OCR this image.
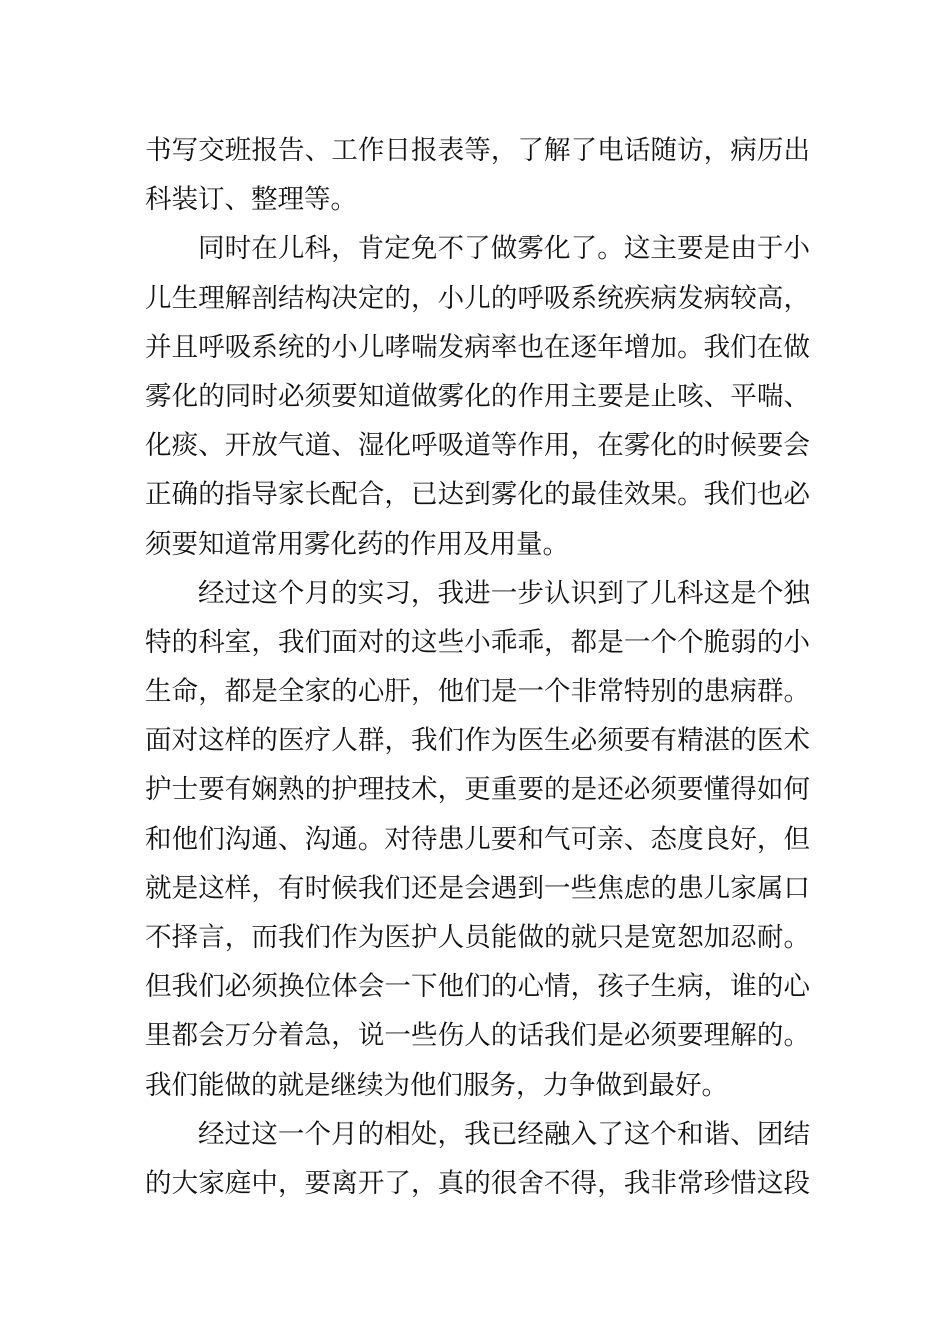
书写交班报告、工作日报表等，了解了电话随访，病历出
科装订、整理等。
同时在儿科，肯定免不了做雾化了。这主要是由于小
儿生理解剖结构决定的，小儿的呼吸系统疾病发病较高，
并且呼吸系统的小儿哮喘发病率也在逐年增加。我们在做
雾化的同时必须要知道做雾化的作用主要是止咳、平喘、
化痰、开放气道、湿化呼吸道等作用，在雾化的时候要会
正确的指导家长配合，已达到雾化的最佳效果。我们也必
须要知道常用雾化药的作用及用量。
经过这个月的实习，我进一步认识到了儿科这是个独
特的科室，我们面对的这些小乖乖，都是一个个脆弱的小
生命，都是全家的心肝，他们是一个非常特别的患病群。
面对这样的医疗人群，我们作为医生必须要有精湛的医术
护士要有娴熟的护理技术，更重要的是还必须要懂得如何
和他们沟通、沟通。对待患儿要和气可亲、态度良好，但
就是这样，有时候我们还是会遇到一些焦虑的患儿家属口
不择言，而我们作为医护人员能做的就只是宽恕加忍耐。
但我们必须换位体会一下他们的心情，孩子生病，谁的心
里都会万分着急，说一些伤人的话我们是必须要理解的。
我们能做的就是继续为他们服务，力争做到最好。
经过这一个月的相处，我已经融入了这个和谐、团结
的大家庭中，要离开了，真的很舍不得，我非常珍惜这段
